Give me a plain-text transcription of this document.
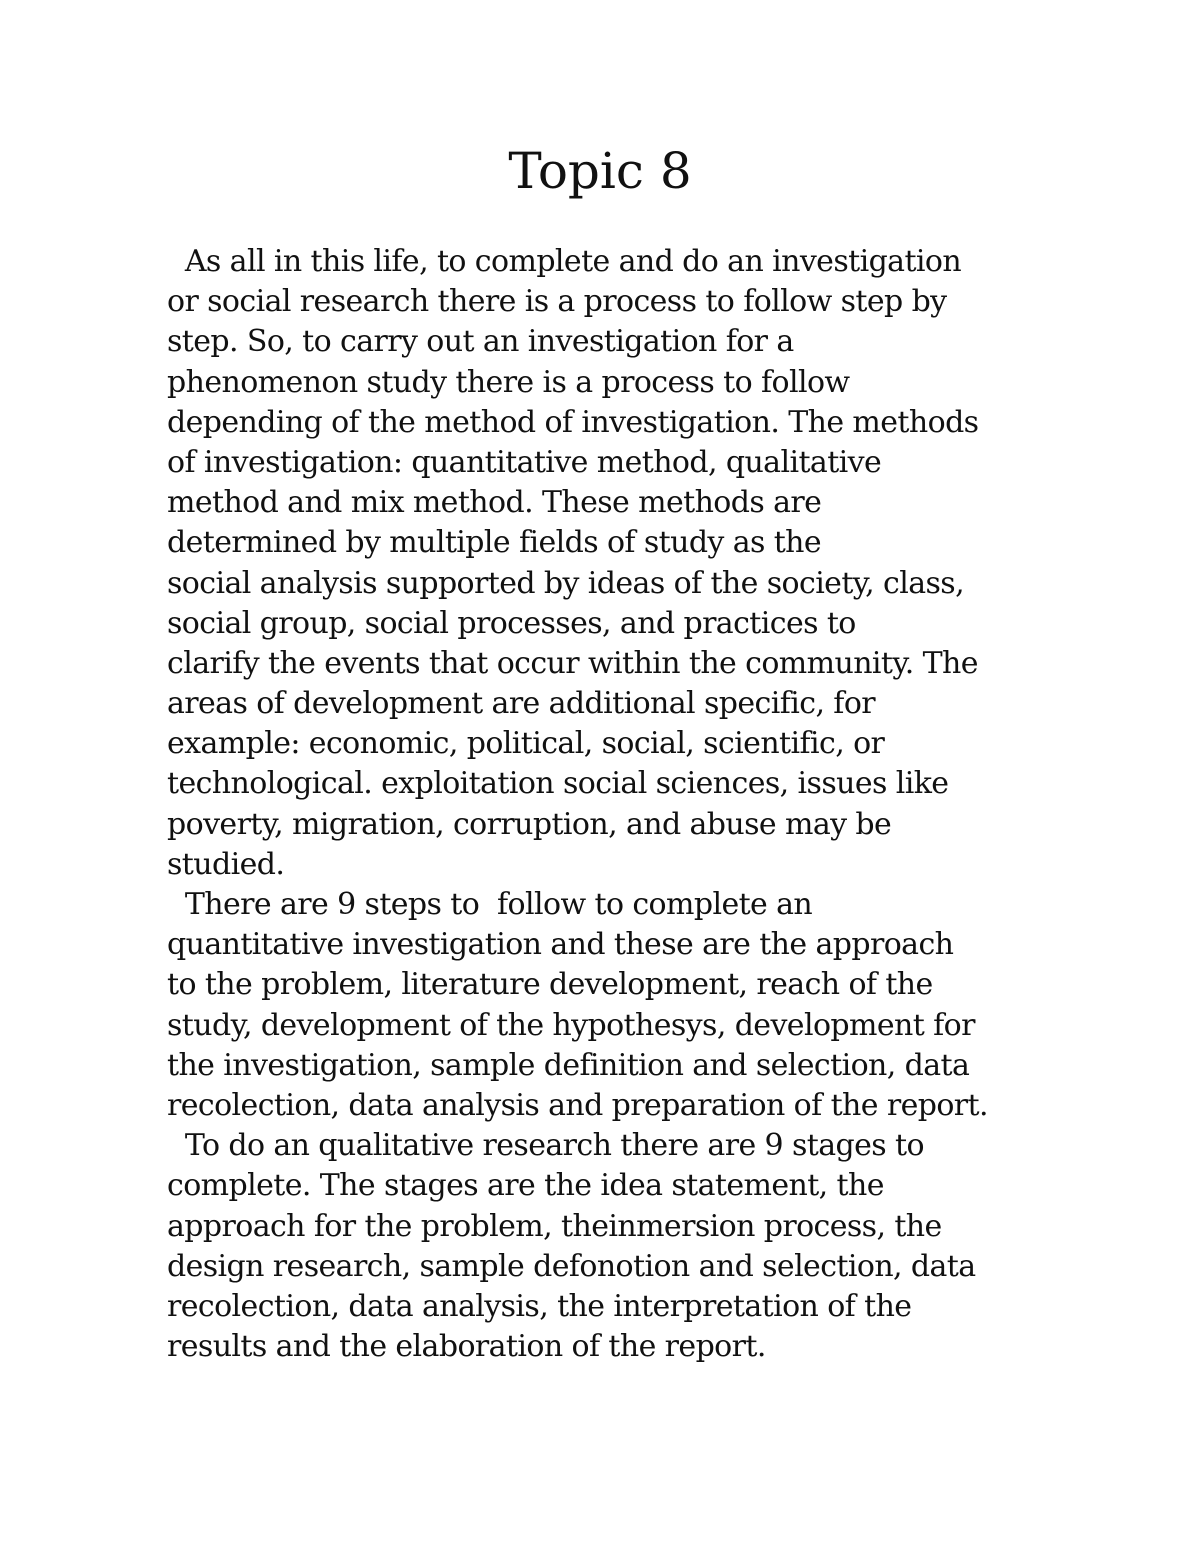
Topic 8
As all in this life, to complete and do an investigation
or social research there is a process to follow step by
step. So, to carry out an investigation for a
phenomenon study there is a process to follow
depending of the method of investigation. The methods
of investigation: quantitative method, qualitative
method and mix method. These methods are
determined by multiple fields of study as the
social analysis supported by ideas of the society, class,
social group, social processes, and practices to
clarify the events that occur within the community. The
areas of development are additional specific, for
example: economic, political, social, scientific, or
technological. exploitation social sciences, issues like
poverty, migration, corruption, and abuse may be
studied.
There are 9 steps to  follow to complete an
quantitative investigation and these are the approach
to the problem, literature development, reach of the
study, development of the hypothesys, development for
the investigation, sample definition and selection, data
recolection, data analysis and preparation of the report.
To do an qualitative research there are 9 stages to
complete. The stages are the idea statement, the
approach for the problem, theinmersion process, the
design research, sample defonotion and selection, data
recolection, data analysis, the interpretation of the
results and the elaboration of the report.
